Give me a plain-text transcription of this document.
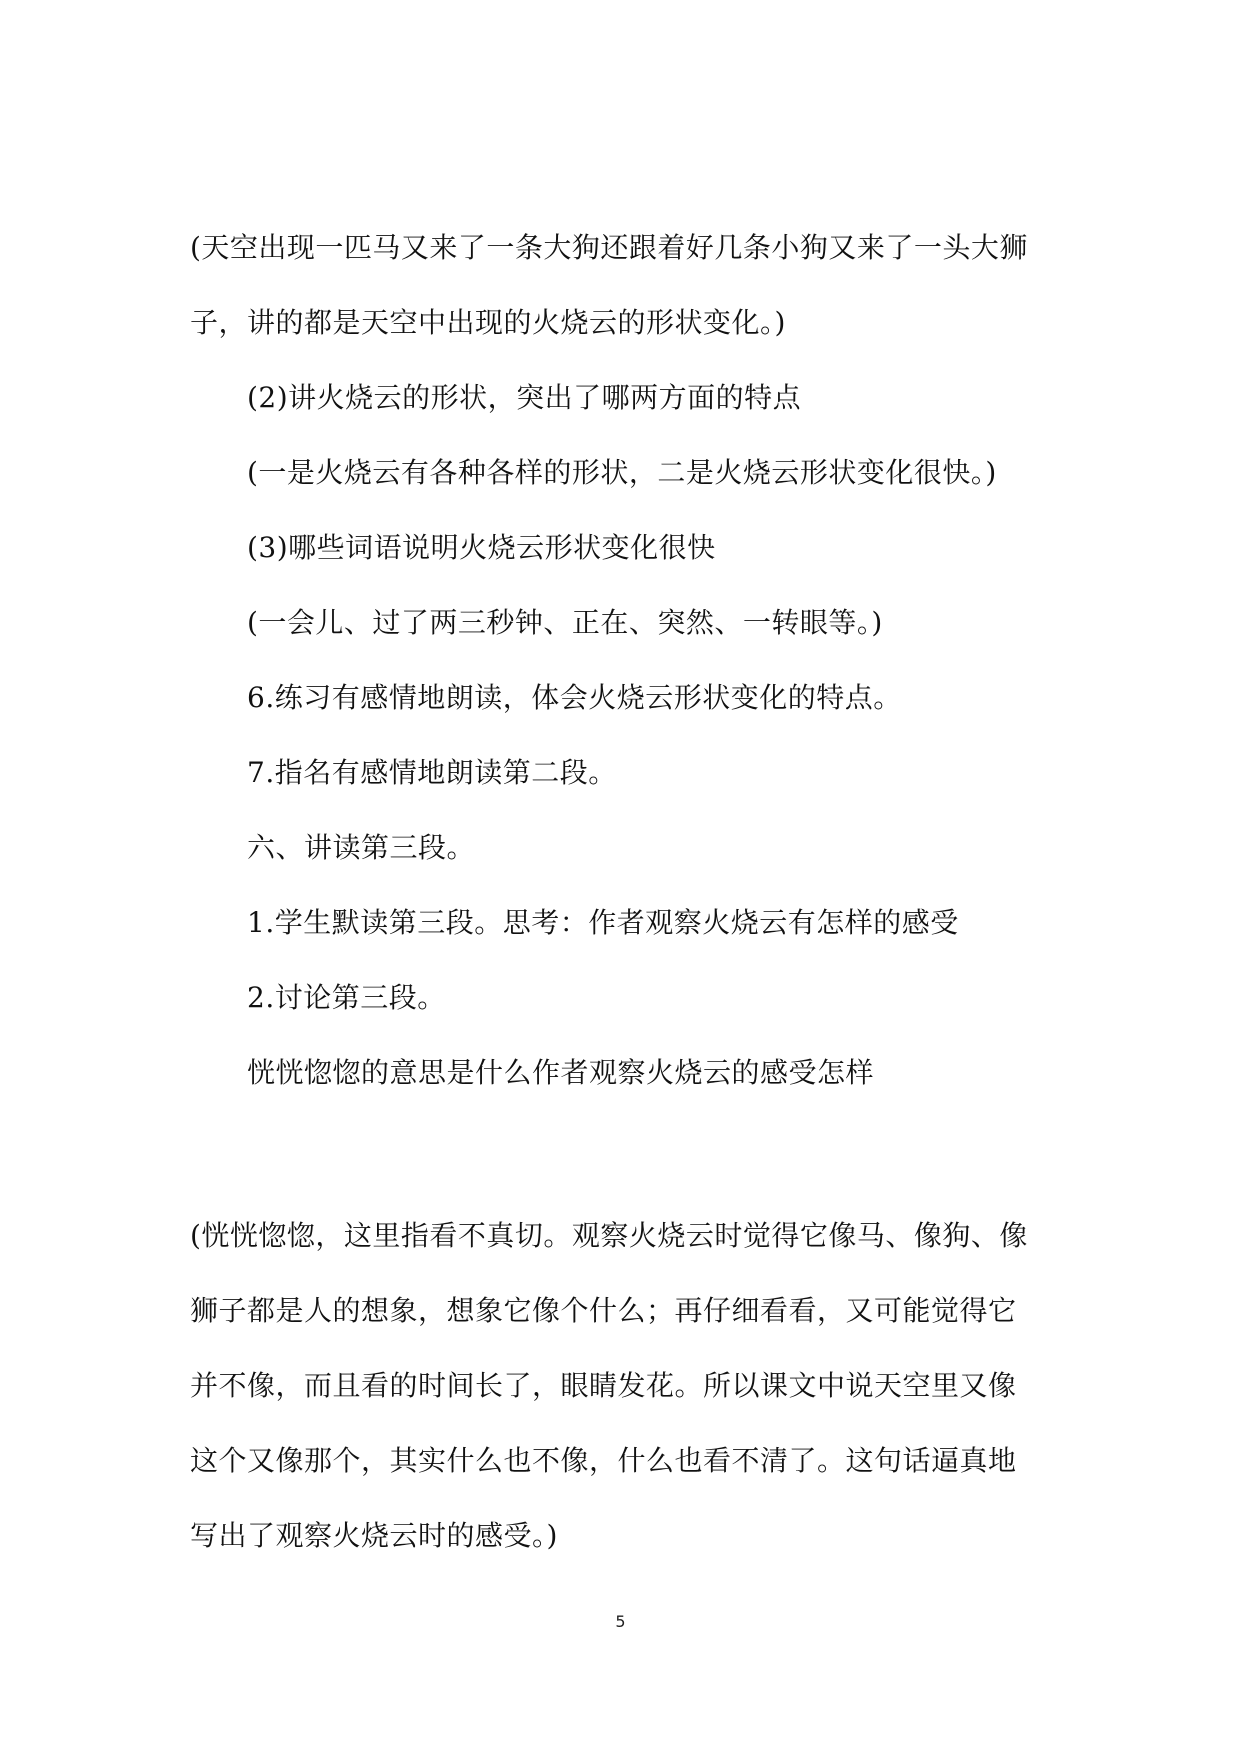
(天空出现一匹马又来了一条大狗还跟着好几条小狗又来了一头大狮
子，讲的都是天空中出现的火烧云的形状变化。)
(2)讲火烧云的形状，突出了哪两方面的特点
(一是火烧云有各种各样的形状，二是火烧云形状变化很快。)
(3)哪些词语说明火烧云形状变化很快
(一会儿、过了两三秒钟、正在、突然、一转眼等。)
6.练习有感情地朗读，体会火烧云形状变化的特点。
7.指名有感情地朗读第二段。
六、讲读第三段。
1.学生默读第三段。思考：作者观察火烧云有怎样的感受
2.讨论第三段。
恍恍惚惚的意思是什么作者观察火烧云的感受怎样
(恍恍惚惚，这里指看不真切。观察火烧云时觉得它像马、像狗、像
狮子都是人的想象，想象它像个什么；再仔细看看，又可能觉得它
并不像，而且看的时间长了，眼睛发花。所以课文中说天空里又像
这个又像那个，其实什么也不像，什么也看不清了。这句话逼真地
写出了观察火烧云时的感受。)
5
